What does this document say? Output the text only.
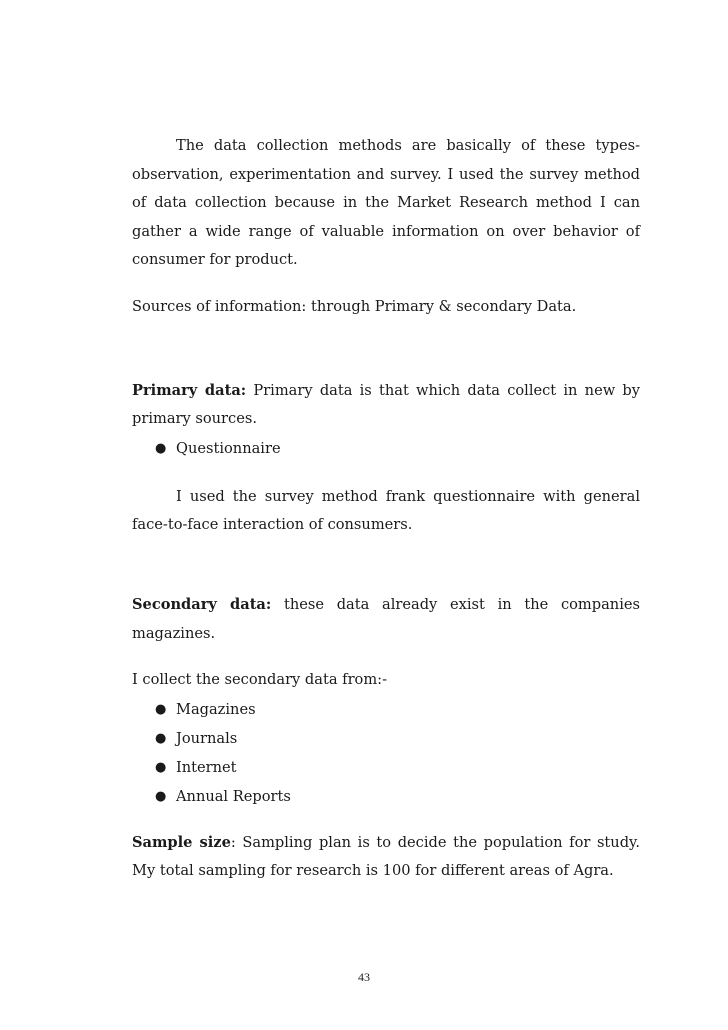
The data collection methods are basically of these types- observation, experimentation and survey. I used the survey method of data collection because in the Market Research method I can gather a wide range of valuable information on over behavior of consumer for product.

Sources of information: through Primary & secondary Data.

Primary data: Primary data is that which data collect in new by primary sources.

● Questionnaire

I used the survey method frank questionnaire with general face-to-face interaction of consumers.

Secondary data: these data already exist in the companies magazines.

I collect the secondary data from:-

● Magazines
● Journals
● Internet
● Annual Reports

Sample size: Sampling plan is to decide the population for study. My total sampling for research is 100 for different areas of Agra.

43
